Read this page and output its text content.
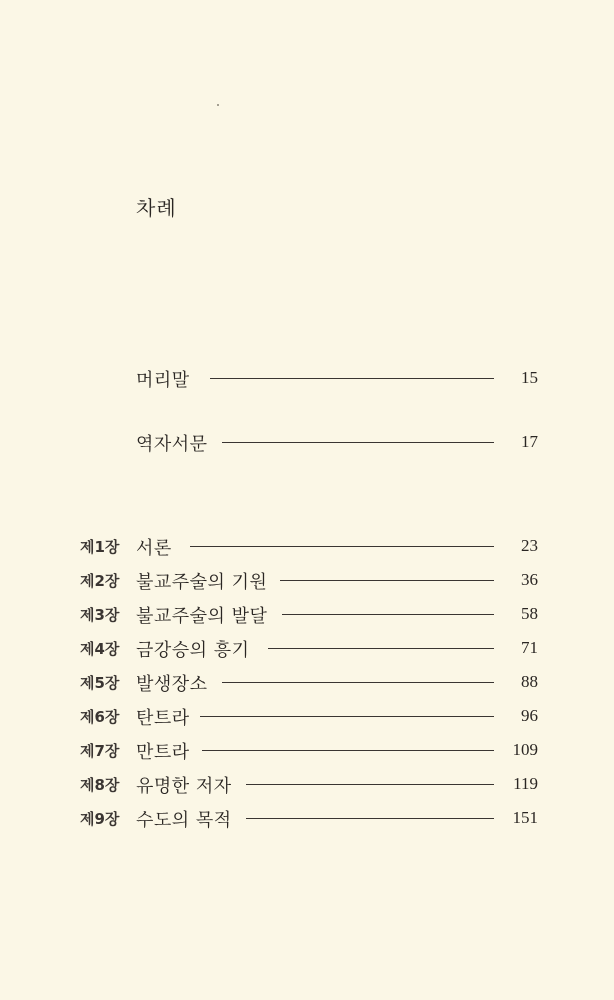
차례
머리말	15
역자서문	17
제1장 서론	23
제2장 불교주술의 기원	36
제3장 불교주술의 발달	58
제4장 금강승의 흥기	71
제5장 발생장소	88
제6장 탄트라	96
제7장 만트라	109
제8장 유명한 저자	119
제9장 수도의 목적	151
